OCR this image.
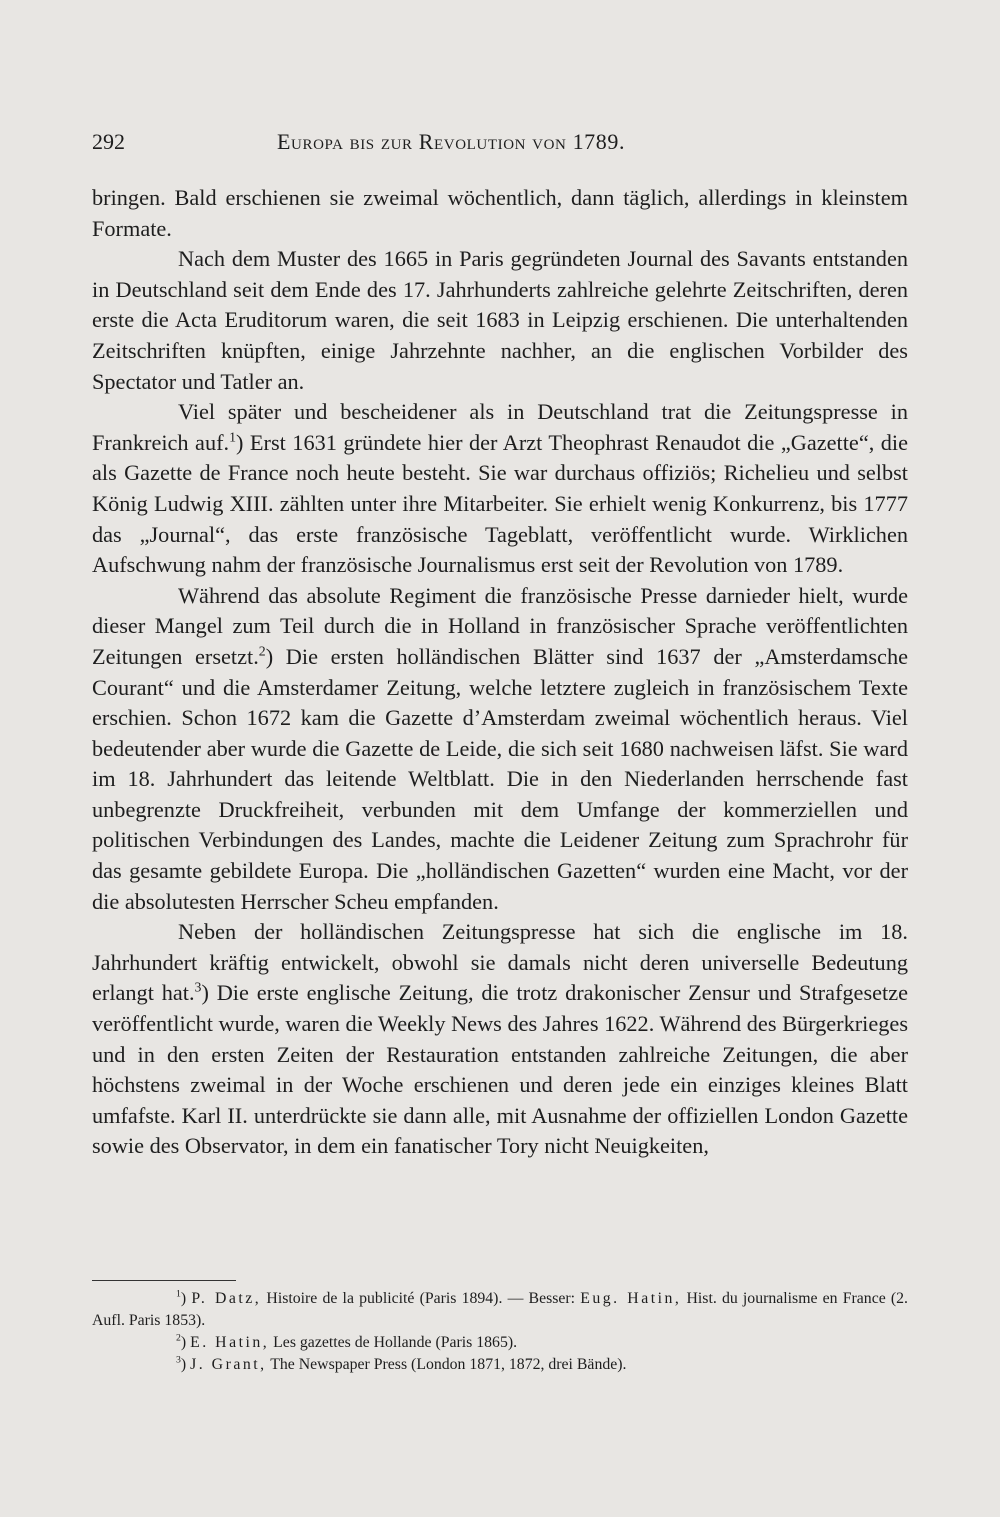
292	Europa bis zur Revolution von 1789.

bringen. Bald erschienen sie zweimal wöchentlich, dann täglich, allerdings in kleinstem Formate.

Nach dem Muster des 1665 in Paris gegründeten Journal des Savants entstanden in Deutschland seit dem Ende des 17. Jahrhunderts zahlreiche gelehrte Zeitschriften, deren erste die Acta Eruditorum waren, die seit 1683 in Leipzig erschienen. Die unterhaltenden Zeitschriften knüpften, einige Jahrzehnte nachher, an die englischen Vorbilder des Spectator und Tatler an.

Viel später und bescheidener als in Deutschland trat die Zeitungspresse in Frankreich auf.$^1$) Erst 1631 gründete hier der Arzt Theophrast Renaudot die „Gazette“, die als Gazette de France noch heute besteht. Sie war durchaus offiziös; Richelieu und selbst König Ludwig XIII. zählten unter ihre Mitarbeiter. Sie erhielt wenig Konkurrenz, bis 1777 das „Journal“, das erste französische Tageblatt, veröffentlicht wurde. Wirklichen Aufschwung nahm der französische Journalismus erst seit der Revolution von 1789.

Während das absolute Regiment die französische Presse darnieder hielt, wurde dieser Mangel zum Teil durch die in Holland in französischer Sprache veröffentlichten Zeitungen ersetzt.$^2$) Die ersten holländischen Blätter sind 1637 der „Amsterdamsche Courant“ und die Amsterdamer Zeitung, welche letztere zugleich in französischem Texte erschien. Schon 1672 kam die Gazette d’Amsterdam zweimal wöchentlich heraus. Viel bedeutender aber wurde die Gazette de Leide, die sich seit 1680 nachweisen läfst. Sie ward im 18. Jahrhundert das leitende Weltblatt. Die in den Niederlanden herrschende fast unbegrenzte Druckfreiheit, verbunden mit dem Umfange der kommerziellen und politischen Verbindungen des Landes, machte die Leidener Zeitung zum Sprachrohr für das gesamte gebildete Europa. Die „holländischen Gazetten“ wurden eine Macht, vor der die absolutesten Herrscher Scheu empfanden.

Neben der holländischen Zeitungspresse hat sich die englische im 18. Jahrhundert kräftig entwickelt, obwohl sie damals nicht deren universelle Bedeutung erlangt hat.$^3$) Die erste englische Zeitung, die trotz drakonischer Zensur und Strafgesetze veröffentlicht wurde, waren die Weekly News des Jahres 1622. Während des Bürgerkrieges und in den ersten Zeiten der Restauration entstanden zahlreiche Zeitungen, die aber höchstens zweimal in der Woche erschienen und deren jede ein einziges kleines Blatt umfafste. Karl II. unterdrückte sie dann alle, mit Ausnahme der offiziellen London Gazette sowie des Observator, in dem ein fanatischer Tory nicht Neuigkeiten,

$^1$) P. Datz, Histoire de la publicité (Paris 1894). — Besser: Eug. Hatin, Hist. du journalisme en France (2. Aufl. Paris 1853).

$^2$) E. Hatin, Les gazettes de Hollande (Paris 1865).

$^3$) J. Grant, The Newspaper Press (London 1871, 1872, drei Bände).
